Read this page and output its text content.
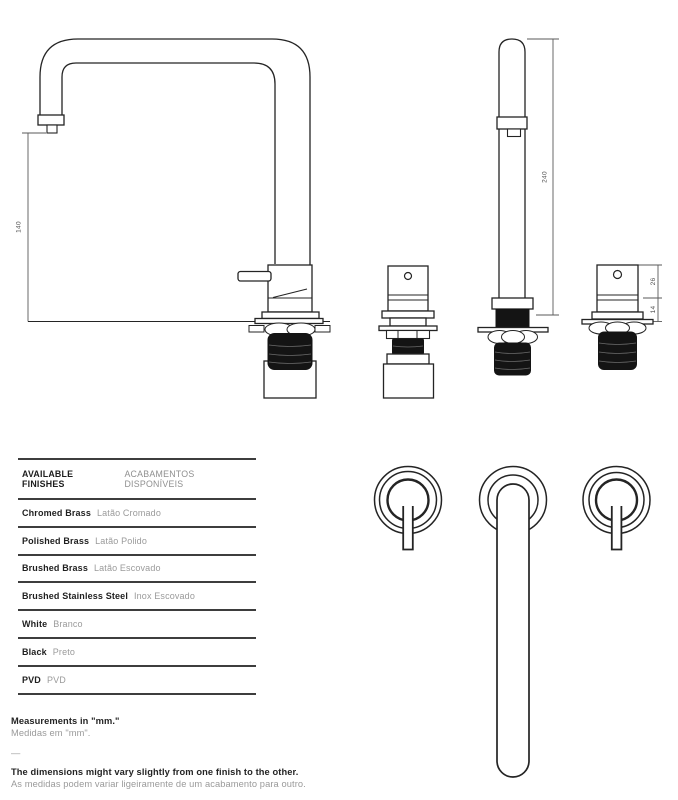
140
240
26
14
AVAILABLE FINISHES
ACABAMENTOS DISPONÍVEIS
Chromed Brass Latão Cromado
Polished Brass Latão Polido
Brushed Brass Latão Escovado
Brushed Stainless Steel Inox Escovado
White Branco
Black Preto
PVD PVD
Measurements in "mm."
Medidas em "mm".
—
The dimensions might vary slightly from one finish to the other.
As medidas podem variar ligeiramente de um acabamento para outro.
